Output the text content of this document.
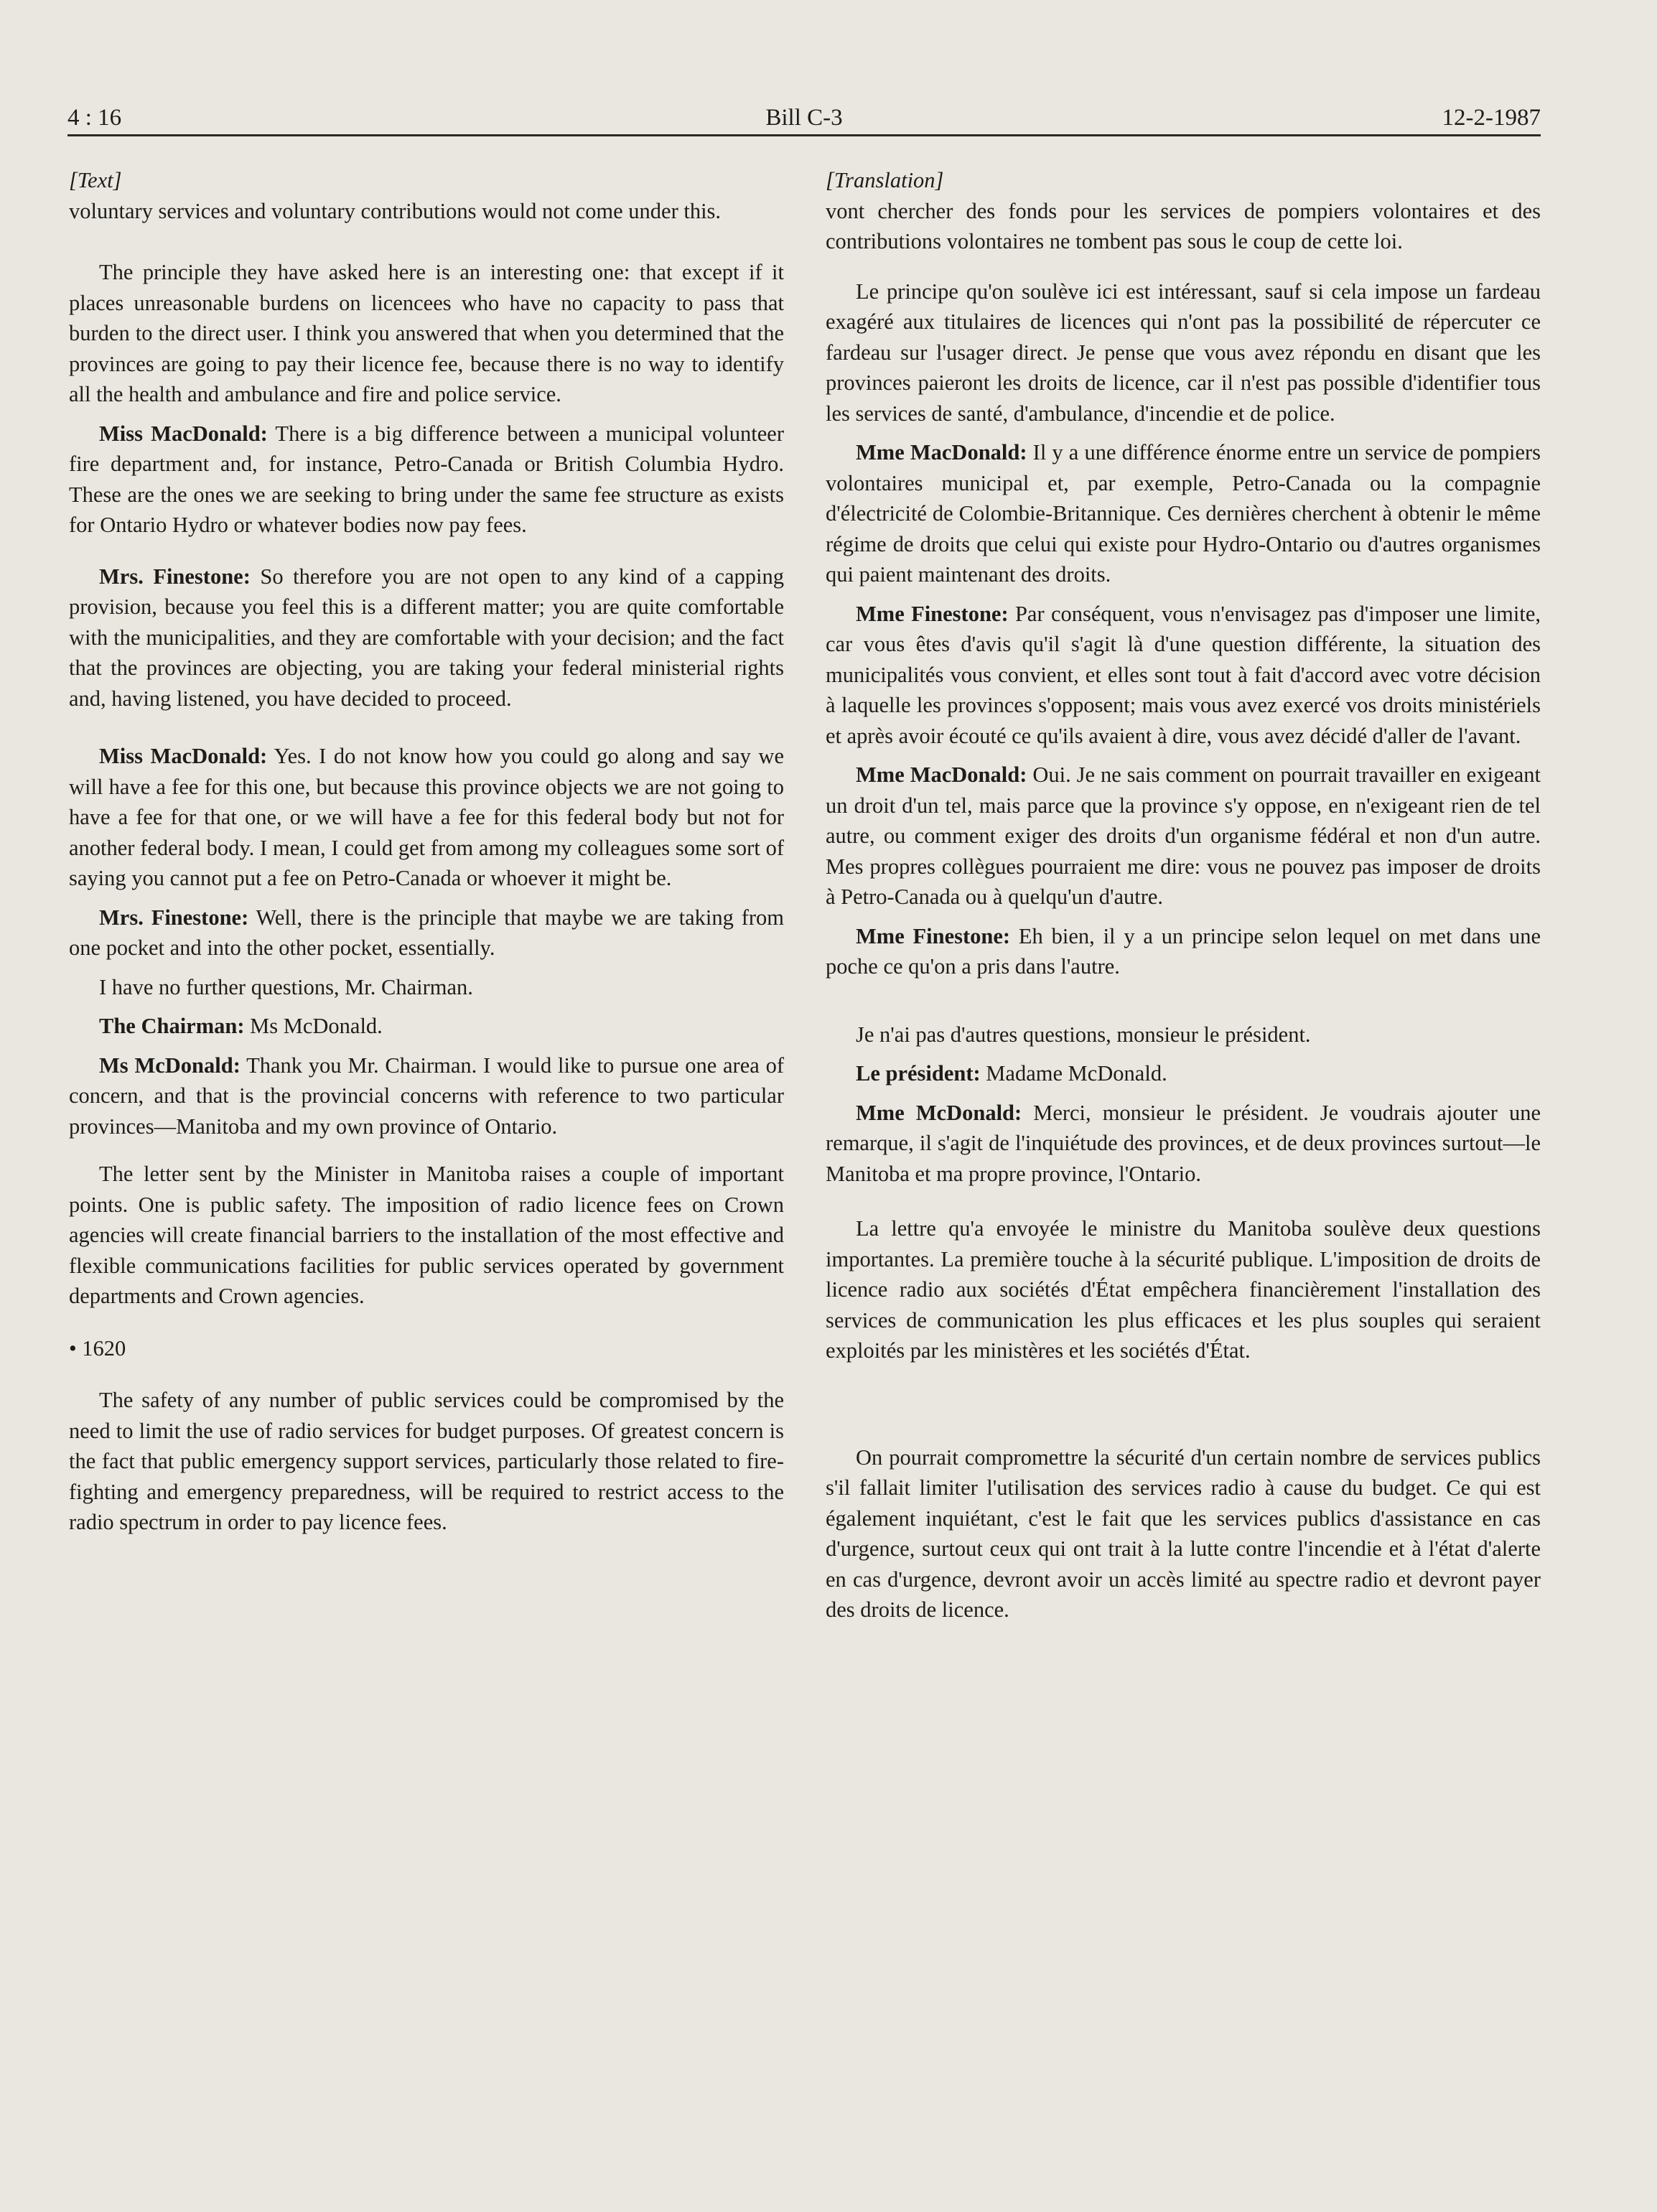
4 : 16	Bill C-3	12-2-1987

[Text]

voluntary services and voluntary contributions would not come under this.

The principle they have asked here is an interesting one: that except if it places unreasonable burdens on licencees who have no capacity to pass that burden to the direct user. I think you answered that when you determined that the provinces are going to pay their licence fee, because there is no way to identify all the health and ambulance and fire and police service.

Miss MacDonald: There is a big difference between a municipal volunteer fire department and, for instance, Petro-Canada or British Columbia Hydro. These are the ones we are seeking to bring under the same fee structure as exists for Ontario Hydro or whatever bodies now pay fees.

Mrs. Finestone: So therefore you are not open to any kind of a capping provision, because you feel this is a different matter; you are quite comfortable with the municipalities, and they are comfortable with your decision; and the fact that the provinces are objecting, you are taking your federal ministerial rights and, having listened, you have decided to proceed.

Miss MacDonald: Yes. I do not know how you could go along and say we will have a fee for this one, but because this province objects we are not going to have a fee for that one, or we will have a fee for this federal body but not for another federal body. I mean, I could get from among my colleagues some sort of saying you cannot put a fee on Petro-Canada or whoever it might be.

Mrs. Finestone: Well, there is the principle that maybe we are taking from one pocket and into the other pocket, essentially.

I have no further questions, Mr. Chairman.

The Chairman: Ms McDonald.

Ms McDonald: Thank you Mr. Chairman. I would like to pursue one area of concern, and that is the provincial concerns with reference to two particular provinces—Manitoba and my own province of Ontario.

The letter sent by the Minister in Manitoba raises a couple of important points. One is public safety. The imposition of radio licence fees on Crown agencies will create financial barriers to the installation of the most effective and flexible communications facilities for public services operated by government departments and Crown agencies.

• 1620

The safety of any number of public services could be compromised by the need to limit the use of radio services for budget purposes. Of greatest concern is the fact that public emergency support services, particularly those related to fire-fighting and emergency preparedness, will be required to restrict access to the radio spectrum in order to pay licence fees.

[Translation]

vont chercher des fonds pour les services de pompiers volontaires et des contributions volontaires ne tombent pas sous le coup de cette loi.

Le principe qu'on soulève ici est intéressant, sauf si cela impose un fardeau exagéré aux titulaires de licences qui n'ont pas la possibilité de répercuter ce fardeau sur l'usager direct. Je pense que vous avez répondu en disant que les provinces paieront les droits de licence, car il n'est pas possible d'identifier tous les services de santé, d'ambulance, d'incendie et de police.

Mme MacDonald: Il y a une différence énorme entre un service de pompiers volontaires municipal et, par exemple, Petro-Canada ou la compagnie d'électricité de Colombie-Britannique. Ces dernières cherchent à obtenir le même régime de droits que celui qui existe pour Hydro-Ontario ou d'autres organismes qui paient maintenant des droits.

Mme Finestone: Par conséquent, vous n'envisagez pas d'imposer une limite, car vous êtes d'avis qu'il s'agit là d'une question différente, la situation des municipalités vous convient, et elles sont tout à fait d'accord avec votre décision à laquelle les provinces s'opposent; mais vous avez exercé vos droits ministériels et après avoir écouté ce qu'ils avaient à dire, vous avez décidé d'aller de l'avant.

Mme MacDonald: Oui. Je ne sais comment on pourrait travailler en exigeant un droit d'un tel, mais parce que la province s'y oppose, en n'exigeant rien de tel autre, ou comment exiger des droits d'un organisme fédéral et non d'un autre. Mes propres collègues pourraient me dire: vous ne pouvez pas imposer de droits à Petro-Canada ou à quelqu'un d'autre.

Mme Finestone: Eh bien, il y a un principe selon lequel on met dans une poche ce qu'on a pris dans l'autre.

Je n'ai pas d'autres questions, monsieur le président.

Le président: Madame McDonald.

Mme McDonald: Merci, monsieur le président. Je voudrais ajouter une remarque, il s'agit de l'inquiétude des provinces, et de deux provinces surtout—le Manitoba et ma propre province, l'Ontario.

La lettre qu'a envoyée le ministre du Manitoba soulève deux questions importantes. La première touche à la sécurité publique. L'imposition de droits de licence radio aux sociétés d'État empêchera financièrement l'installation des services de communication les plus efficaces et les plus souples qui seraient exploités par les ministères et les sociétés d'État.

On pourrait compromettre la sécurité d'un certain nombre de services publics s'il fallait limiter l'utilisation des services radio à cause du budget. Ce qui est également inquiétant, c'est le fait que les services publics d'assistance en cas d'urgence, surtout ceux qui ont trait à la lutte contre l'incendie et à l'état d'alerte en cas d'urgence, devront avoir un accès limité au spectre radio et devront payer des droits de licence.
